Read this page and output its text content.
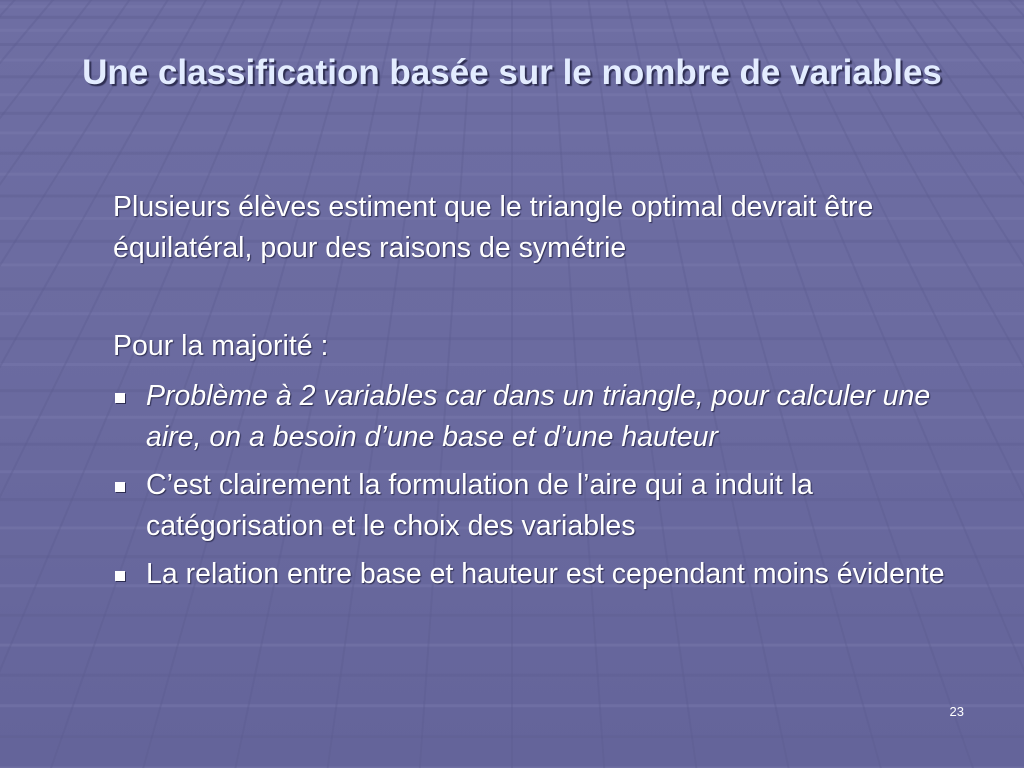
Une classification basée sur le nombre de variables
Plusieurs élèves estiment que le triangle optimal devrait être équilatéral, pour des raisons de symétrie
Pour la majorité :
Problème à 2 variables car dans un triangle, pour calculer une aire, on a besoin d’une base et d’une hauteur
C’est clairement la formulation de l’aire qui a induit la catégorisation et le choix des variables
La relation entre base et hauteur est cependant moins évidente
23
